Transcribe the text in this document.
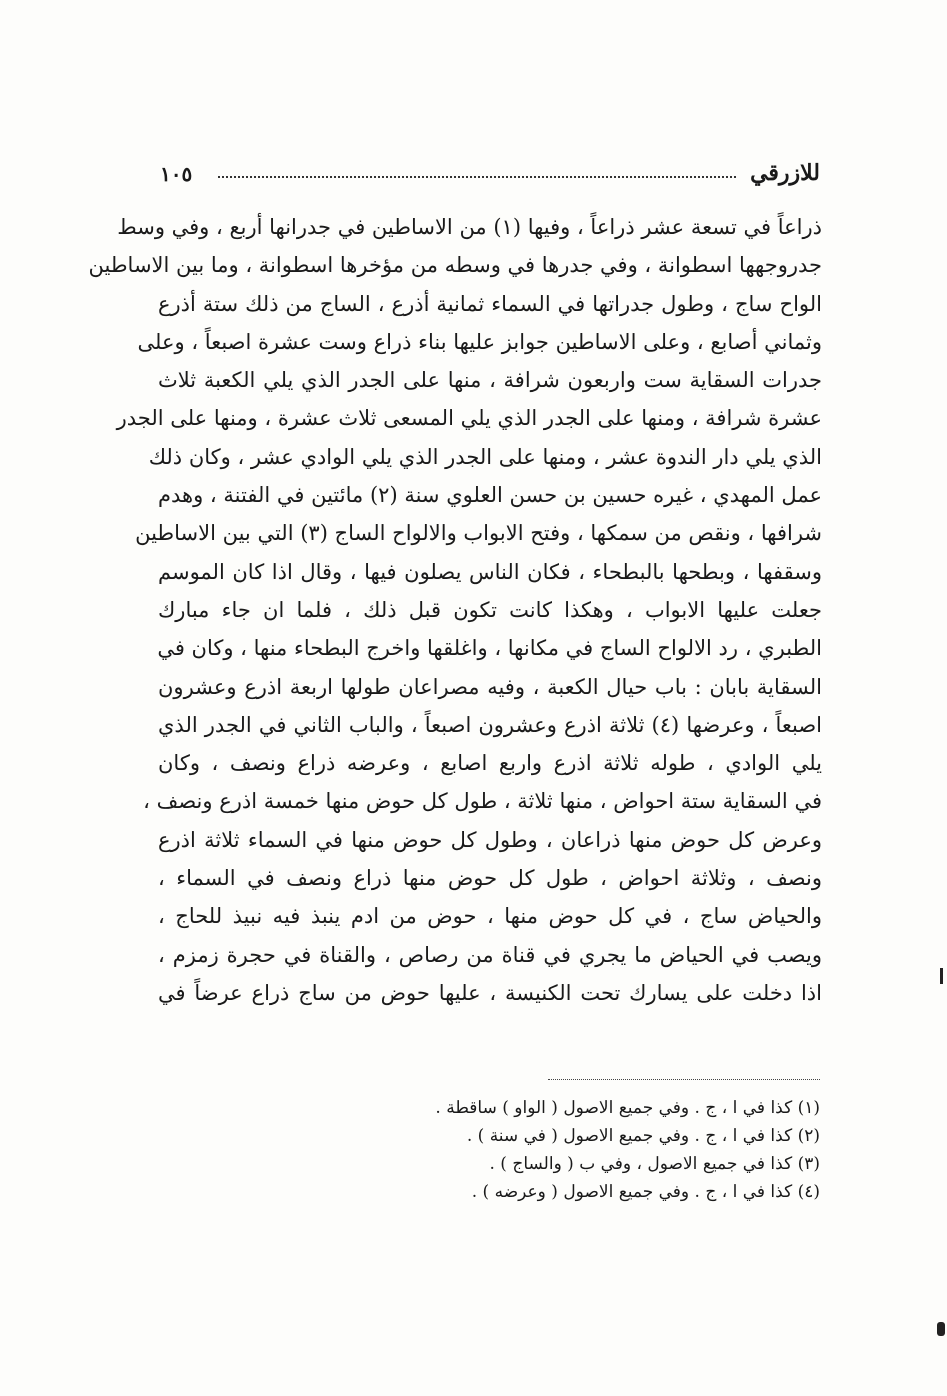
للازرقي
١٠٥
ذراعاً في تسعة عشر ذراعاً ، وفيها (١) من الاساطين في جدرانها أربع ، وفي وسط
جدروجهها اسطوانة ، وفي جدرها في وسطه من مؤخرها اسطوانة ، وما بين الاساطين
الواح ساج ، وطول جدراتها في السماء ثمانية أذرع ، الساج من ذلك ستة أذرع
وثماني أصابع ، وعلى الاساطين جوابز عليها بناء ذراع وست عشرة اصبعاً ، وعلى
جدرات السقاية ست واربعون شرافة ، منها على الجدر الذي يلي الكعبة ثلاث
عشرة شرافة ، ومنها على الجدر الذي يلي المسعى ثلاث عشرة ، ومنها على الجدر
الذي يلي دار الندوة عشر ، ومنها على الجدر الذي يلي الوادي عشر ، وكان ذلك
عمل المهدي ، غيره حسين بن حسن العلوي سنة (٢) مائتين في الفتنة ، وهدم
شرافها ، ونقص من سمكها ، وفتح الابواب والالواح الساج (٣) التي بين الاساطين
وسقفها ، وبطحها بالبطحاء ، فكان الناس يصلون فيها ، وقال اذا كان الموسم
جعلت عليها الابواب ، وهكذا كانت تكون قبل ذلك ، فلما ان جاء مبارك
الطبري ، رد الالواح الساج في مكانها ، واغلقها واخرج البطحاء منها ، وكان في
السقاية بابان : باب حيال الكعبة ، وفيه مصراعان طولها اربعة اذرع وعشرون
اصبعاً ، وعرضها (٤) ثلاثة اذرع وعشرون اصبعاً ، والباب الثاني في الجدر الذي
يلي الوادي ، طوله ثلاثة اذرع واربع اصابع ، وعرضه ذراع ونصف ، وكان
في السقاية ستة احواض ، منها ثلاثة ، طول كل حوض منها خمسة اذرع ونصف ،
وعرض كل حوض منها ذراعان ، وطول كل حوض منها في السماء ثلاثة اذرع
ونصف ، وثلاثة احواض ، طول كل حوض منها ذراع ونصف في السماء ،
والحياض ساج ، في كل حوض منها ، حوض من ادم ينبذ فيه نبيذ للحاج ،
ويصب في الحياض ما يجري في قناة من رصاص ، والقناة في حجرة زمزم ،
اذا دخلت على يسارك تحت الكنيسة ، عليها حوض من ساج ذراع عرضاً في
(١) كذا في ا ، ج . وفي جميع الاصول ( الواو ) ساقطة .
(٢) كذا في ا ، ج . وفي جميع الاصول ( في سنة ) .
(٣) كذا في جميع الاصول ، وفي ب ( والساج ) .
(٤) كذا في ا ، ج . وفي جميع الاصول ( وعرضه ) .
